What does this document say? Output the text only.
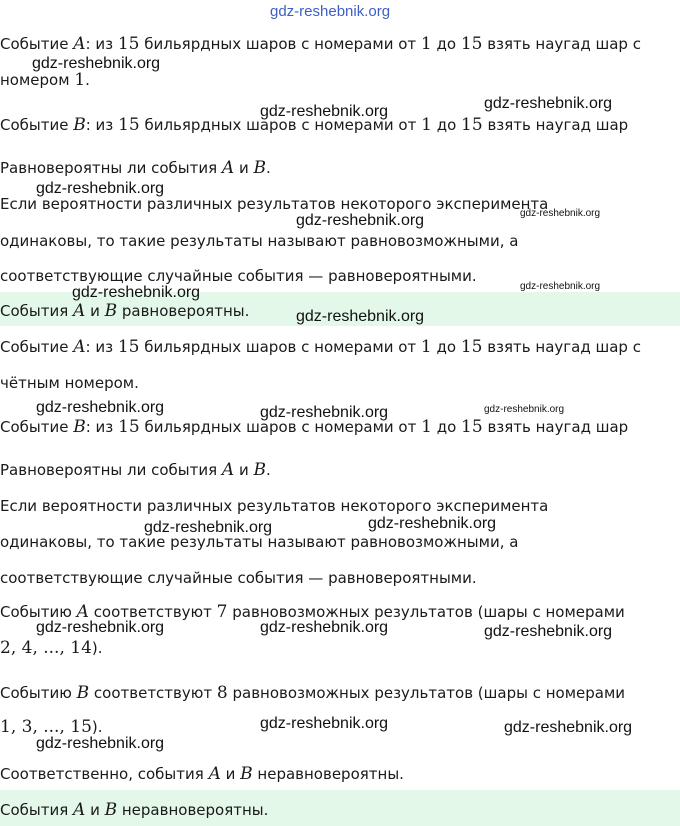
Событие A: из 15 бильярдных шаров с номерами от 1 до 15 взять наугад шар с
номером 1.
Событие B: из 15 бильярдных шаров с номерами от 1 до 15 взять наугад шар
Равновероятны ли события A и B.
Если вероятности различных результатов некоторого эксперимента
одинаковы, то такие результаты называют равновозможными, а
соответствующие случайные события — равновероятными.
События A и B равновероятны.
Событие A: из 15 бильярдных шаров с номерами от 1 до 15 взять наугад шар с
чётным номером.
Событие B: из 15 бильярдных шаров с номерами от 1 до 15 взять наугад шар
Равновероятны ли события A и B.
Если вероятности различных результатов некоторого эксперимента
одинаковы, то такие результаты называют равновозможными, а
соответствующие случайные события — равновероятными.
Событию A соответствуют 7 равновозможных результатов (шары с номерами
2, 4, ..., 14).
Событию B соответствуют 8 равновозможных результатов (шары с номерами
1, 3, ..., 15).
Соответственно, события A и B неравновероятны.
События A и B неравновероятны.
gdz-reshebnik.org
gdz-reshebnik.org
gdz-reshebnik.org	gdz-reshebnik.org
gdz-reshebnik.org
gdz-reshebnik.org	gdz-reshebnik.org
gdz-reshebnik.org	gdz-reshebnik.org
gdz-reshebnik.org
gdz-reshebnik.org	gdz-reshebnik.org	gdz-reshebnik.org
gdz-reshebnik.org	gdz-reshebnik.org
gdz-reshebnik.org	gdz-reshebnik.org	gdz-reshebnik.org
gdz-reshebnik.org	gdz-reshebnik.org
gdz-reshebnik.org
